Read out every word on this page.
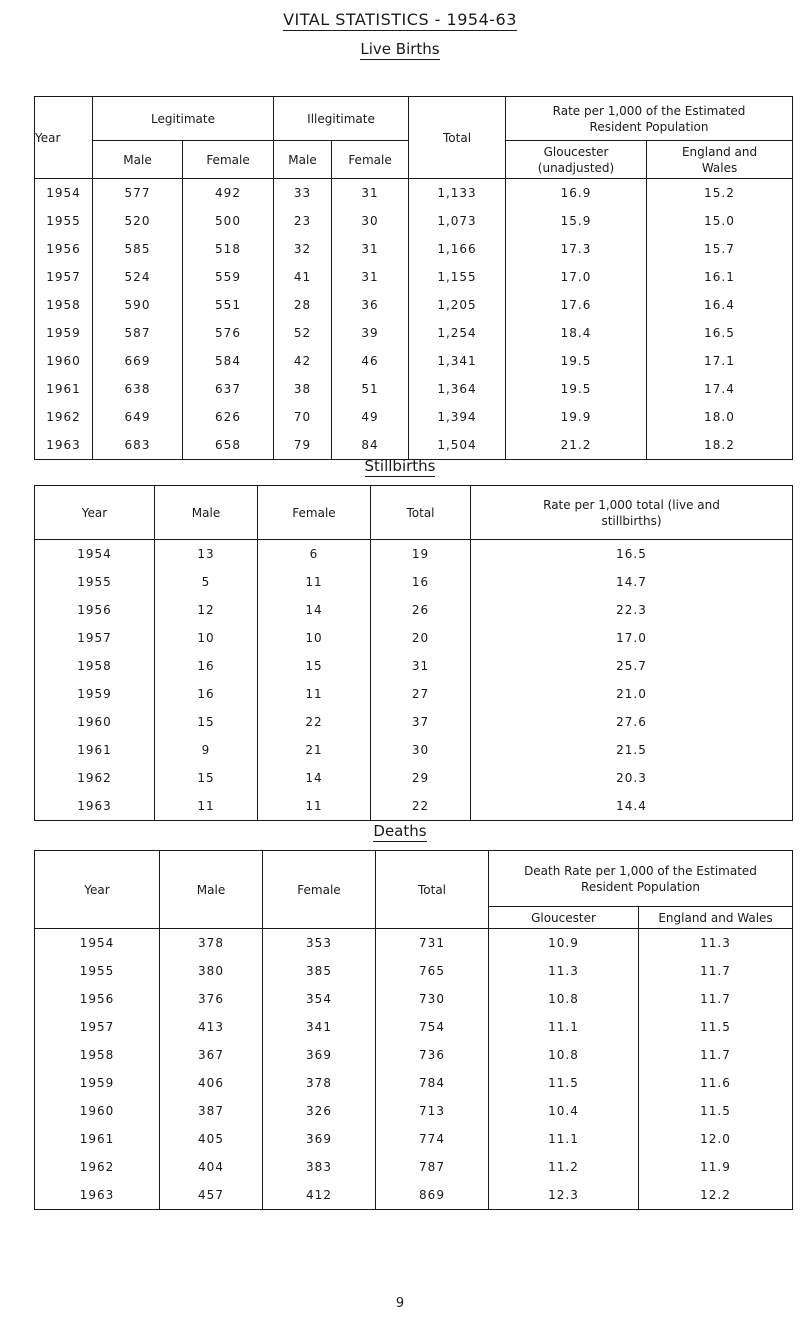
VITAL STATISTICS - 1954-63
Live Births
Year	Legitimate		Illegitimate		Total	Rate per 1,000 of the Estimated Resident Population	
	Male	Female	Male	Female		Gloucester (unadjusted)	England and Wales
1954	577	492	33	31	1,133	16.9	15.2
1955	520	500	23	30	1,073	15.9	15.0
1956	585	518	32	31	1,166	17.3	15.7
1957	524	559	41	31	1,155	17.0	16.1
1958	590	551	28	36	1,205	17.6	16.4
1959	587	576	52	39	1,254	18.4	16.5
1960	669	584	42	46	1,341	19.5	17.1
1961	638	637	38	51	1,364	19.5	17.4
1962	649	626	70	49	1,394	19.9	18.0
1963	683	658	79	84	1,504	21.2	18.2
Stillbirths
Year	Male	Female	Total	Rate per 1,000 total (live and stillbirths)
1954	13	6	19	16.5
1955	5	11	16	14.7
1956	12	14	26	22.3
1957	10	10	20	17.0
1958	16	15	31	25.7
1959	16	11	27	21.0
1960	15	22	37	27.6
1961	9	21	30	21.5
1962	15	14	29	20.3
1963	11	11	22	14.4
Deaths
Year	Male	Female	Total	Death Rate per 1,000 of the Estimated Resident Population	
				Gloucester	England and Wales
1954	378	353	731	10.9	11.3
1955	380	385	765	11.3	11.7
1956	376	354	730	10.8	11.7
1957	413	341	754	11.1	11.5
1958	367	369	736	10.8	11.7
1959	406	378	784	11.5	11.6
1960	387	326	713	10.4	11.5
1961	405	369	774	11.1	12.0
1962	404	383	787	11.2	11.9
1963	457	412	869	12.3	12.2
9
